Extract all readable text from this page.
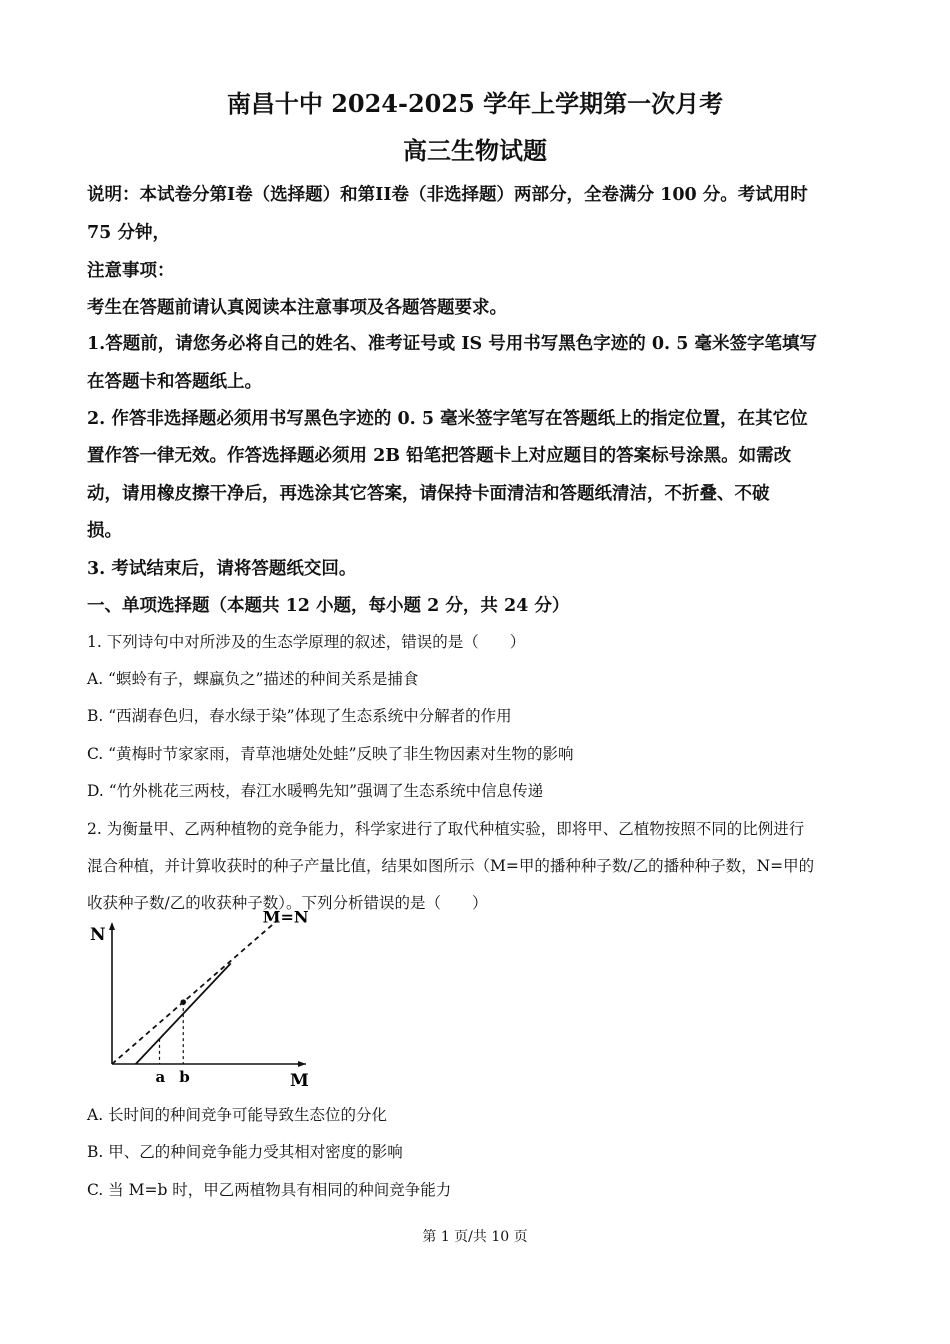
南昌十中 2024-2025 学年上学期第一次月考
高三生物试题
说明：本试卷分第I卷（选择题）和第II卷（非选择题）两部分，全卷满分 100 分。考试用时
75 分钟，
注意事项：
考生在答题前请认真阅读本注意事项及各题答题要求。
1.答题前，请您务必将自己的姓名、准考证号或 IS 号用书写黑色字迹的 0. 5 毫米签字笔填写
在答题卡和答题纸上。
2. 作答非选择题必须用书写黑色字迹的 0. 5 毫米签字笔写在答题纸上的指定位置，在其它位
置作答一律无效。作答选择题必须用 2B 铅笔把答题卡上对应题目的答案标号涂黑。如需改
动，请用橡皮擦干净后，再选涂其它答案，请保持卡面清洁和答题纸清洁，不折叠、不破
损。
3. 考试结束后，请将答题纸交回。
一、单项选择题（本题共 12 小题，每小题 2 分，共 24 分）
1. 下列诗句中对所涉及的生态学原理的叙述，错误的是（　　）
A. “螟蛉有子，蜾蠃负之”描述的种间关系是捕食
B. “西湖春色归，春水绿于染”体现了生态系统中分解者的作用
C. “黄梅时节家家雨，青草池塘处处蛙”反映了非生物因素对生物的影响
D. “竹外桃花三两枝，春江水暖鸭先知”强调了生态系统中信息传递
2. 为衡量甲、乙两种植物的竞争能力，科学家进行了取代种植实验，即将甲、乙植物按照不同的比例进行
混合种植，并计算收获时的种子产量比值，结果如图所示（M=甲的播种种子数/乙的播种种子数，N=甲的
收获种子数/乙的收获种子数）。下列分析错误的是（　　）
N
M
a b
M=N
A. 长时间的种间竞争可能导致生态位的分化
B. 甲、乙的种间竞争能力受其相对密度的影响
C. 当 M=b 时，甲乙两植物具有相同的种间竞争能力
第 1 页/共 10 页
